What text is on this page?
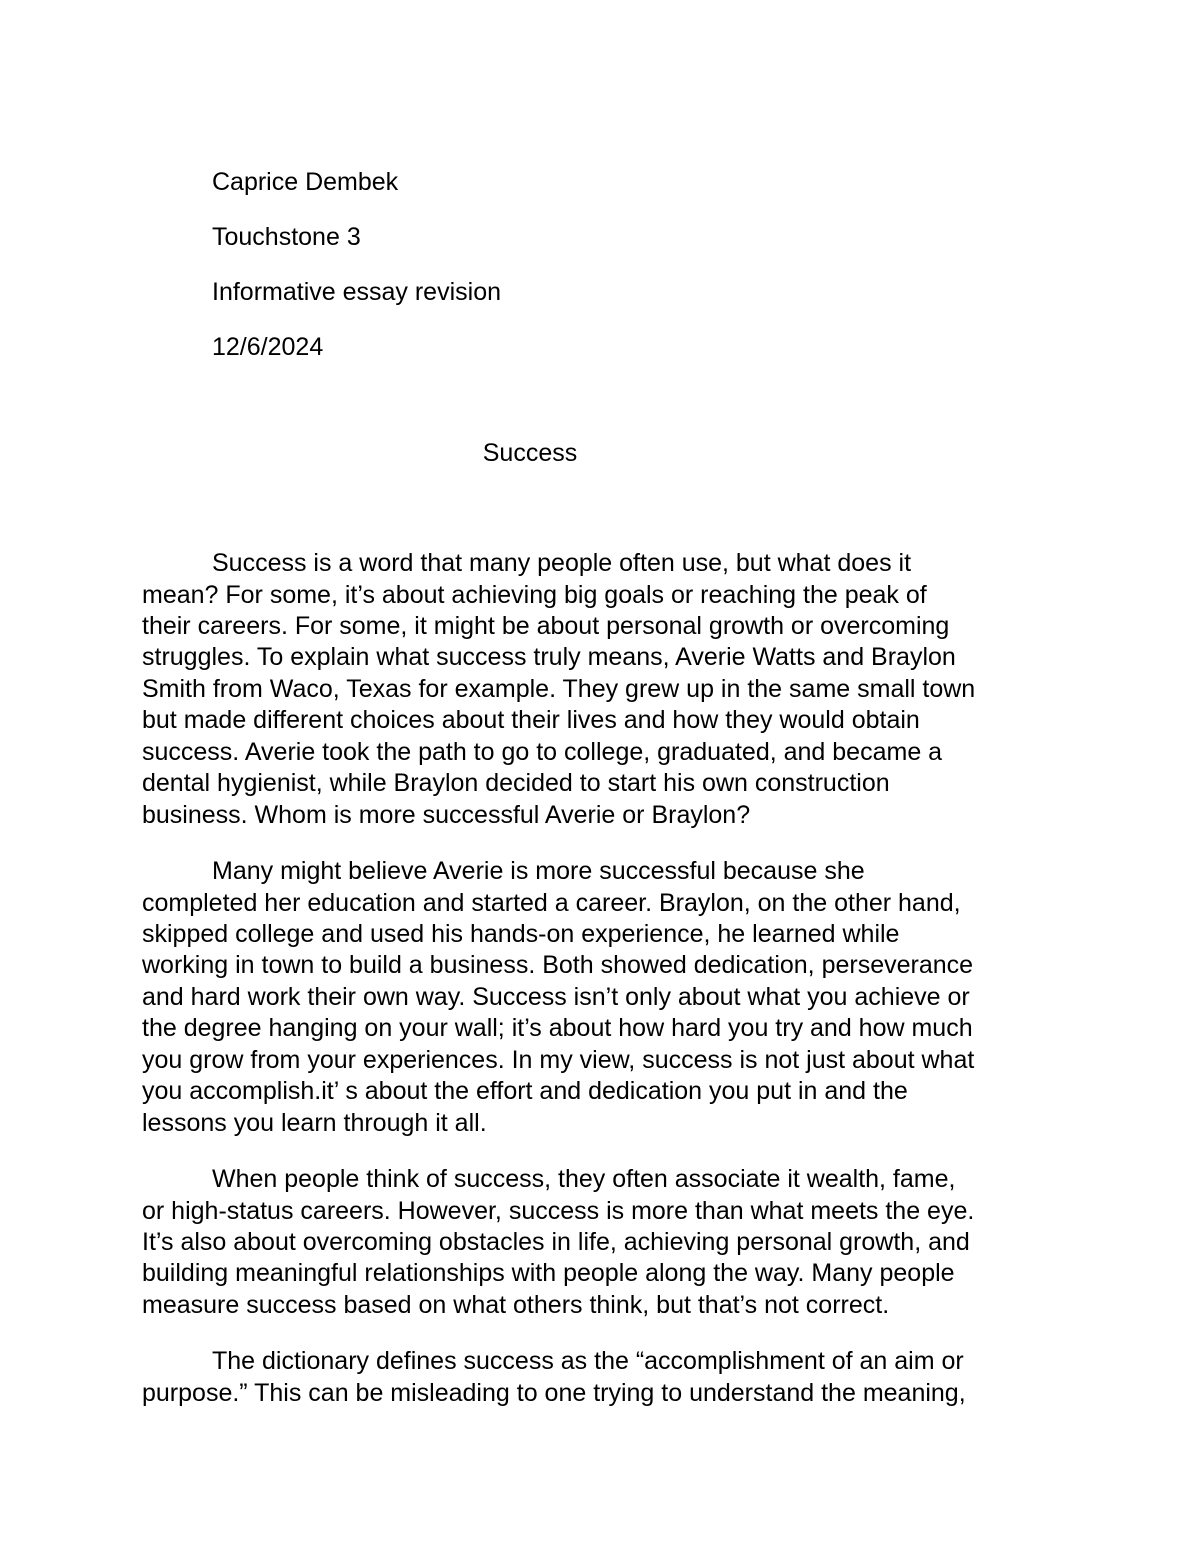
Caprice Dembek
Touchstone 3
Informative essay revision
12/6/2024
Success
Success is a word that many people often use, but what does it
mean? For some, it’s about achieving big goals or reaching the peak of
their careers. For some, it might be about personal growth or overcoming
struggles. To explain what success truly means, Averie Watts and Braylon
Smith from Waco, Texas for example. They grew up in the same small town
but made different choices about their lives and how they would obtain
success. Averie took the path to go to college, graduated, and became a
dental hygienist, while Braylon decided to start his own construction
business. Whom is more successful Averie or Braylon?
Many might believe Averie is more successful because she
completed her education and started a career. Braylon, on the other hand,
skipped college and used his hands-on experience, he learned while
working in town to build a business. Both showed dedication, perseverance
and hard work their own way. Success isn’t only about what you achieve or
the degree hanging on your wall; it’s about how hard you try and how much
you grow from your experiences. In my view, success is not just about what
you accomplish.it’ s about the effort and dedication you put in and the
lessons you learn through it all.
When people think of success, they often associate it wealth, fame,
or high-status careers. However, success is more than what meets the eye.
It’s also about overcoming obstacles in life, achieving personal growth, and
building meaningful relationships with people along the way. Many people
measure success based on what others think, but that’s not correct.
The dictionary defines success as the “accomplishment of an aim or
purpose.” This can be misleading to one trying to understand the meaning,
